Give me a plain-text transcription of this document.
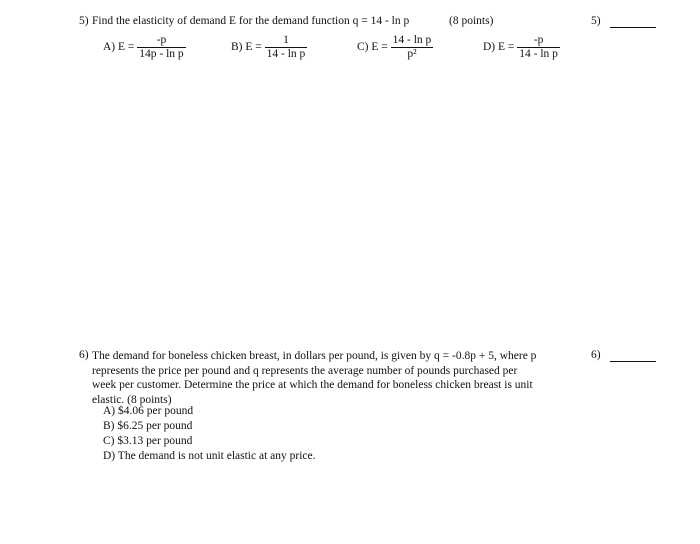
5) Find the elasticity of demand E for the demand function q = 14 - ln p	(8 points)	5)
A) $E = \frac{-p}{\text{14p - ln p}}$	B) $E = \frac{1}{\text{14 - ln p}}$	C) $E = \frac{\text{14 - ln p}}{\text{p²}}$	D) $E = \frac{-p}{\text{14 - ln p}}$
6) The demand for boneless chicken breast, in dollars per pound, is given by q = -0.8p + 5, where p
represents the price per pound and q represents the average number of pounds purchased per
week per customer. Determine the price at which the demand for boneless chicken breast is unit
elastic. (8 points)
6)
A) $4.06 per pound
B) $6.25 per pound
C) $3.13 per pound
D) The demand is not unit elastic at any price.
